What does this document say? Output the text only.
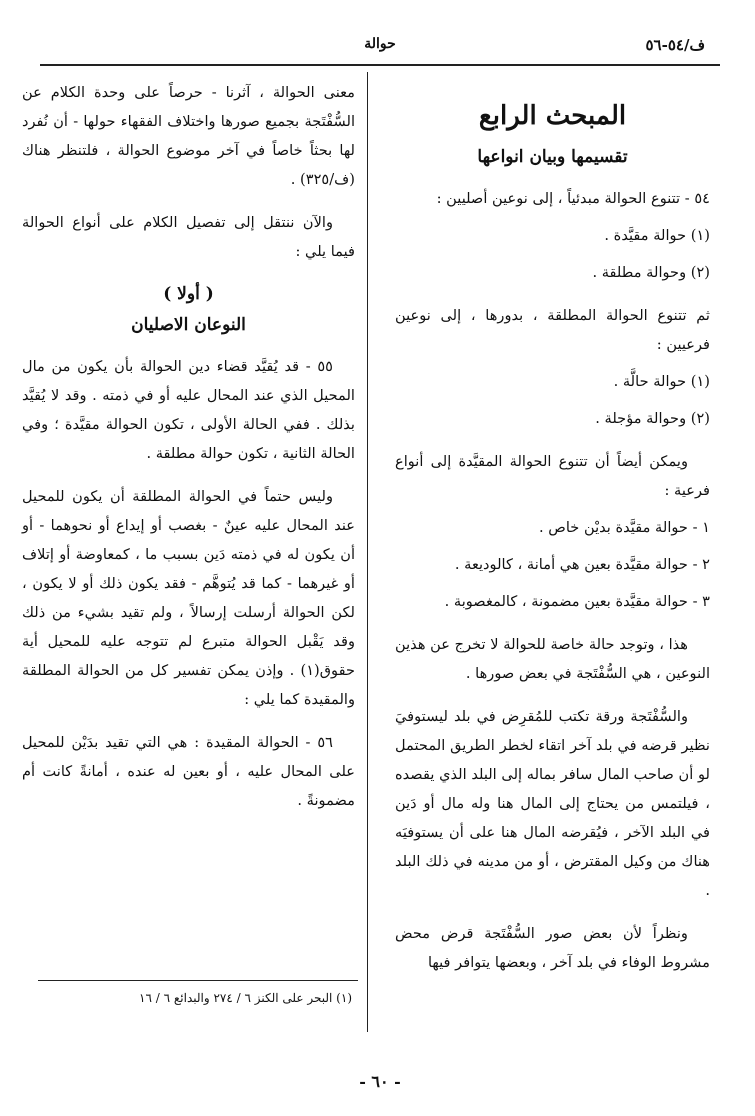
ف/٥٤-٥٦
حوالة
المبحث الرابع
تقسيمها وبيان انواعها

٥٤ - تتنوع الحوالة مبدئياً ، إلى نوعين أصليين :

(١) حوالة مقيَّدة .

(٢) وحوالة مطلقة .

ثم تتنوع الحوالة المطلقة ، بدورها ، إلى نوعين فرعيين :

(١) حوالة حالَّة .

(٢) وحوالة مؤجلة .

ويمكن أيضاً أن تتنوع الحوالة المقيَّدة إلى أنواع فرعية :

١ - حوالة مقيَّدة بديْن خاص .

٢ - حوالة مقيَّدة بعين هي أمانة ، كالوديعة .

٣ - حوالة مقيَّدة بعين مضمونة ، كالمغصوبة .

هذا ، وتوجد حالة خاصة للحوالة لا تخرج عن هذين النوعين ، هي السُّفْتَجة في بعض صورها .

والسُّفْتَجة ورقة تكتب للمُقرِض في بلد ليستوفيَ نظير قرضه في بلد آخر اتقاء لخطر الطريق المحتمل لو أن صاحب المال سافر بماله إلى البلد الذي يقصده ، فيلتمس من يحتاج إلى المال هنا وله مال أو دَين في البلد الآخر ، فيُقرضه المال هنا على أن يستوفيَه هناك من وكيل المقترض ، أو من مدينه في ذلك البلد .

ونظراً لأن بعض صور السُّفْتَجة قرض محض مشروط الوفاء في بلد آخر ، وبعضها يتوافر فيها

معنى الحوالة ، آثرنا - حرصاً على وحدة الكلام عن السُّفْتَجة بجميع صورها واختلاف الفقهاء حولها - أن نُفرد لها بحثاً خاصاً في آخر موضوع الحوالة ، فلتنظر هناك (ف/٣٢٥) .

والآن ننتقل إلى تفصيل الكلام على أنواع الحوالة فيما يلي :

( أولا )
النوعان الاصليان

٥٥ - قد يُقيَّد قضاء دين الحوالة بأن يكون من مال المحيل الذي عند المحال عليه أو في ذمته . وقد لا يُقيَّد بذلك . ففي الحالة الأولى ، تكون الحوالة مقيَّدة ؛ وفي الحالة الثانية ، تكون حوالة مطلقة .

وليس حتماً في الحوالة المطلقة أن يكون للمحيل عند المحال عليه عينٌ - بغصب أو إيداع أو نحوهما - أو أن يكون له في ذمته دَين بسبب ما ، كمعاوضة أو إتلاف أو غيرهما - كما قد يُتوهَّم - فقد يكون ذلك أو لا يكون ، لكن الحوالة أرسلت إرسالاً ، ولم تقيد بشيء من ذلك وقد يَقْبل الحوالة متبرع لم تتوجه عليه للمحيل أية حقوق(١) . وإذن يمكن تفسير كل من الحوالة المطلقة والمقيدة كما يلي :

٥٦ - الحوالة المقيدة : هي التي تقيد بدَيْن للمحيل على المحال عليه ، أو بعين له عنده ، أمانةً كانت أم مضمونةً .

(١) البحر على الكنز ٦ / ٢٧٤ والبدائع ٦ / ١٦
- ٦٠ -
